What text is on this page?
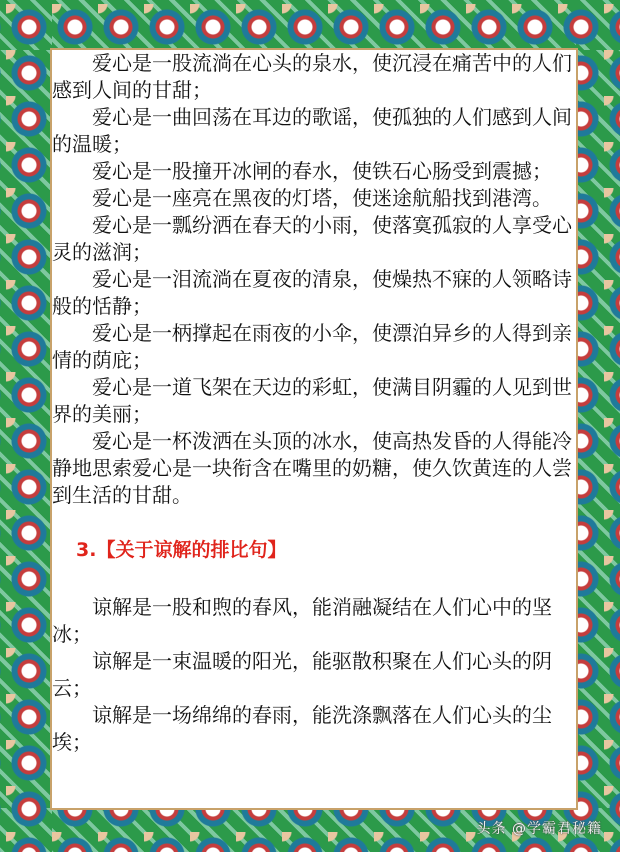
爱心是一股流淌在心头的泉水，使沉浸在痛苦中的人们感到人间的甘甜；

爱心是一曲回荡在耳边的歌谣，使孤独的人们感到人间的温暖；

爱心是一股撞开冰闸的春水，使铁石心肠受到震撼；

爱心是一座亮在黑夜的灯塔，使迷途航船找到港湾。

爱心是一瓢纷洒在春天的小雨，使落寞孤寂的人享受心灵的滋润；

爱心是一泪流淌在夏夜的清泉，使燥热不寐的人领略诗般的恬静；

爱心是一柄撑起在雨夜的小伞，使漂泊异乡的人得到亲情的荫庇；

爱心是一道飞架在天边的彩虹，使满目阴霾的人见到世界的美丽；

爱心是一杯泼洒在头顶的冰水，使高热发昏的人得能冷静地思索爱心是一块衔含在嘴里的奶糖，使久饮黄连的人尝到生活的甘甜。

3.【关于谅解的排比句】

谅解是一股和煦的春风，能消融凝结在人们心中的坚冰；

谅解是一束温暖的阳光，能驱散积聚在人们心头的阴云；

谅解是一场绵绵的春雨，能洗涤飘落在人们心头的尘埃；

头条 @学霸君秘籍
